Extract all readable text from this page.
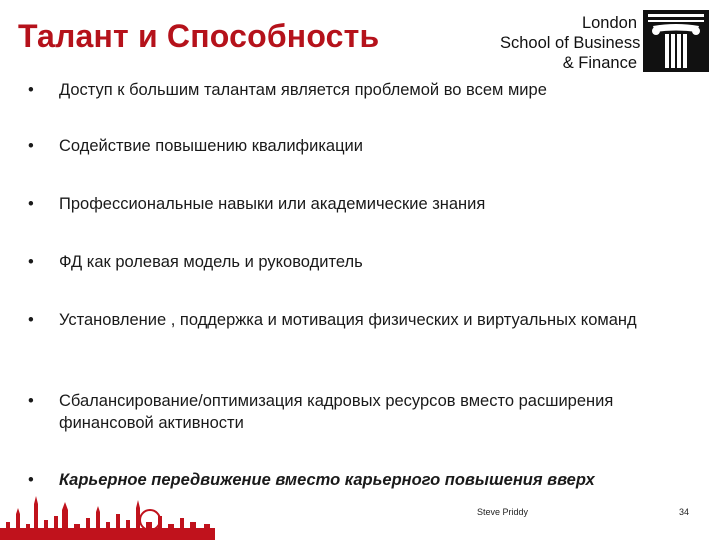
Талант и Способность	London
School of Business
& Finance
•	Доступ к большим талантам является проблемой во всем мире
•	Содействие повышению квалификации
•	Профессиональные навыки или академические знания
•	ФД как ролевая модель и руководитель
•	Установление , поддержка и мотивация физических и виртуальных команд
•	Сбалансирование/оптимизация кадровых ресурсов вместо расширения финансовой активности
•	Карьерное передвижение вместо карьерного повышения вверх
Steve Priddy	34
